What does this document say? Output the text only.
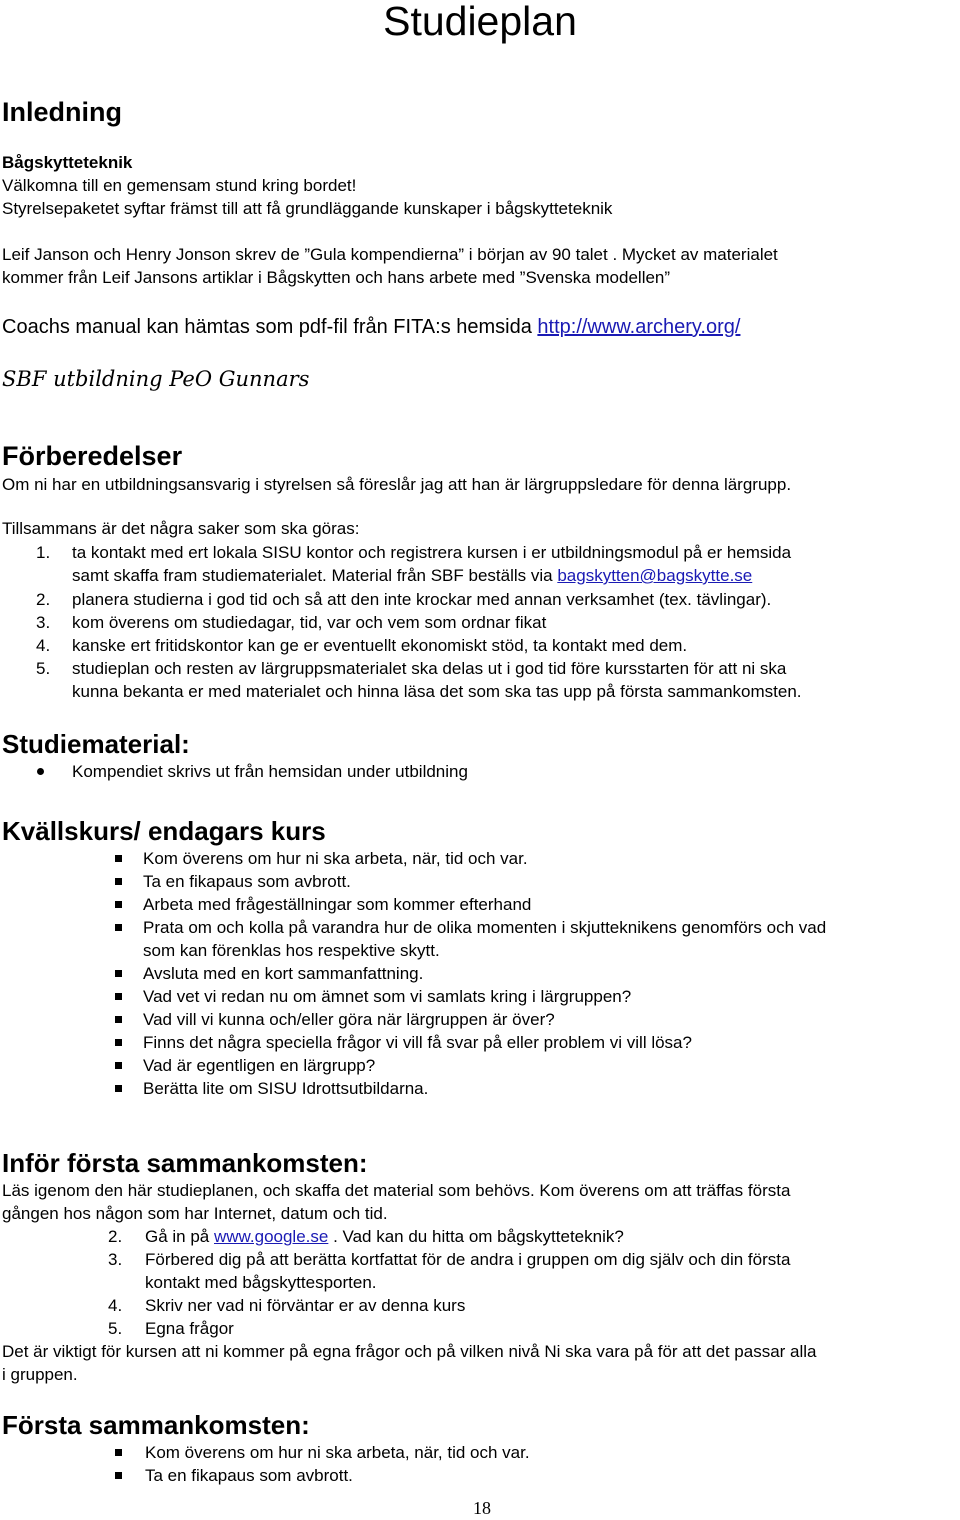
Studieplan
Inledning
Bågskytteteknik
Välkomna till en gemensam stund kring bordet!
Styrelsepaketet syftar främst till att få grundläggande kunskaper i bågskytteteknik
Leif Janson och Henry Jonson skrev de ”Gula kompendierna” i början av 90 talet . Mycket av materialet
kommer från Leif Jansons artiklar i Bågskytten och hans arbete med ”Svenska modellen”
Coachs manual kan hämtas som pdf-fil från FITA:s hemsida http://www.archery.org/
SBF utbildning PeO Gunnars
Förberedelser
Om ni har en utbildningsansvarig i styrelsen så föreslår jag att han är lärgruppsledare för denna lärgrupp.
Tillsammans är det några saker som ska göras:
1. ta kontakt med ert lokala SISU kontor och registrera kursen i er utbildningsmodul på er hemsida
samt skaffa fram studiematerialet. Material från SBF beställs via bagskytten@bagskytte.se
2. planera studierna i god tid och så att den inte krockar med annan verksamhet (tex. tävlingar).
3. kom överens om studiedagar, tid, var och vem som ordnar fikat
4. kanske ert fritidskontor kan ge er eventuellt ekonomiskt stöd, ta kontakt med dem.
5. studieplan och resten av lärgruppsmaterialet ska delas ut i god tid före kursstarten för att ni ska
kunna bekanta er med materialet och hinna läsa det som ska tas upp på första sammankomsten.
Studiematerial:
Kompendiet skrivs ut från hemsidan under utbildning
Kvällskurs/ endagars kurs
Kom överens om hur ni ska arbeta, när, tid och var.
Ta en fikapaus som avbrott.
Arbeta med frågeställningar som kommer efterhand
Prata om och kolla på varandra hur de olika momenten i skjutteknikens genomförs och vad
som kan förenklas hos respektive skytt.
Avsluta med en kort sammanfattning.
Vad vet vi redan nu om ämnet som vi samlats kring i lärgruppen?
Vad vill vi kunna och/eller göra när lärgruppen är över?
Finns det några speciella frågor vi vill få svar på eller problem vi vill lösa?
Vad är egentligen en lärgrupp?
Berätta lite om SISU Idrottsutbildarna.
Inför första sammankomsten:
Läs igenom den här studieplanen, och skaffa det material som behövs. Kom överens om att träffas första
gången hos någon som har Internet, datum och tid.
2. Gå in på www.google.se . Vad kan du hitta om bågskytteteknik?
3. Förbered dig på att berätta kortfattat för de andra i gruppen om dig själv och din första
kontakt med bågskyttesporten.
4. Skriv ner vad ni förväntar er av denna kurs
5. Egna frågor
Det är viktigt för kursen att ni kommer på egna frågor och på vilken nivå Ni ska vara på för att det passar alla
i gruppen.
Första sammankomsten:
Kom överens om hur ni ska arbeta, när, tid och var.
Ta en fikapaus som avbrott.
18
